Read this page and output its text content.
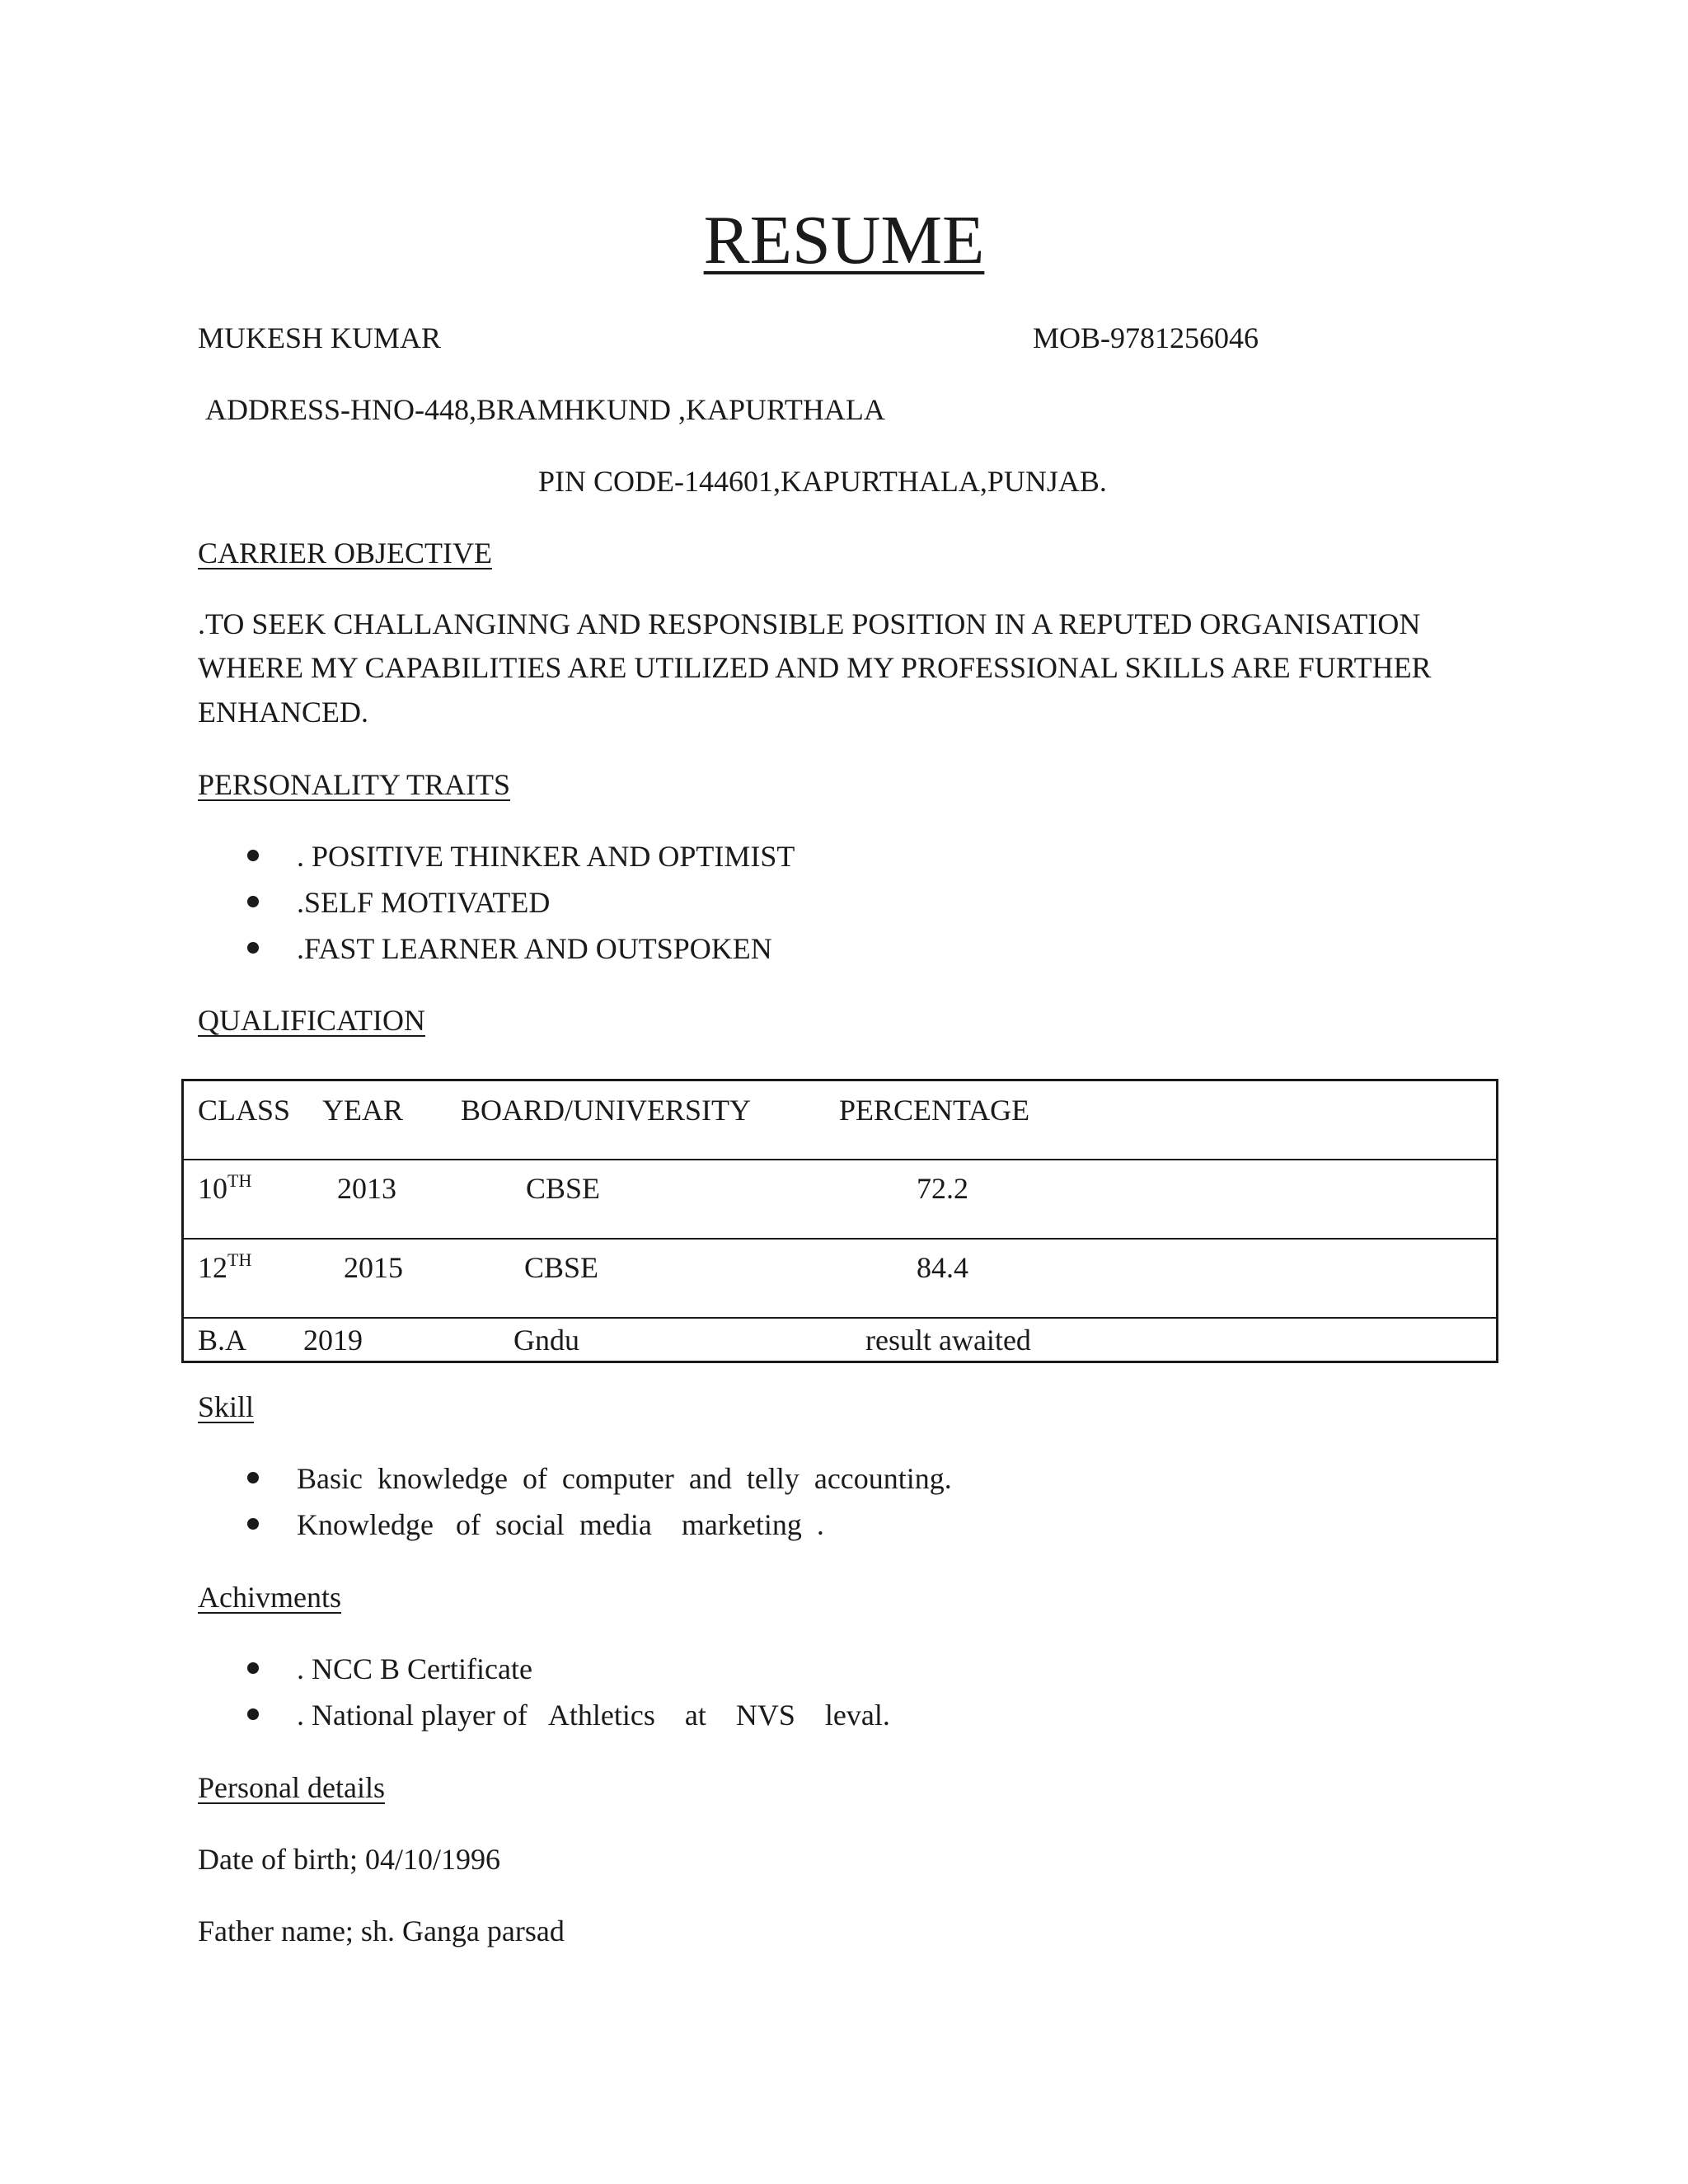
RESUME
MUKESH KUMAR	MOB-9781256046
ADDRESS-HNO-448,BRAMHKUND ,KAPURTHALA
PIN CODE-144601,KAPURTHALA,PUNJAB.
CARRIER OBJECTIVE
.TO SEEK CHALLANGINNG AND RESPONSIBLE POSITION IN A REPUTED ORGANISATION
WHERE MY CAPABILITIES ARE UTILIZED AND MY PROFESSIONAL SKILLS ARE FURTHER
ENHANCED.
PERSONALITY TRAITS
. POSITIVE THINKER AND OPTIMIST
.SELF MOTIVATED
.FAST LEARNER AND OUTSPOKEN
QUALIFICATION
CLASS YEAR BOARD/UNIVERSITY	PERCENTAGE
10TH	2013	CBSE	72.2
12TH	2015	CBSE	84.4
B.A 2019	Gndu	result awaited
Skill
Basic  knowledge  of  computer  and  telly  accounting.
Knowledge   of  social  media    marketing  .
Achivments
. NCC B Certificate
. National player of   Athletics    at    NVS    leval.
Personal details
Date of birth; 04/10/1996
Father name; sh. Ganga parsad
